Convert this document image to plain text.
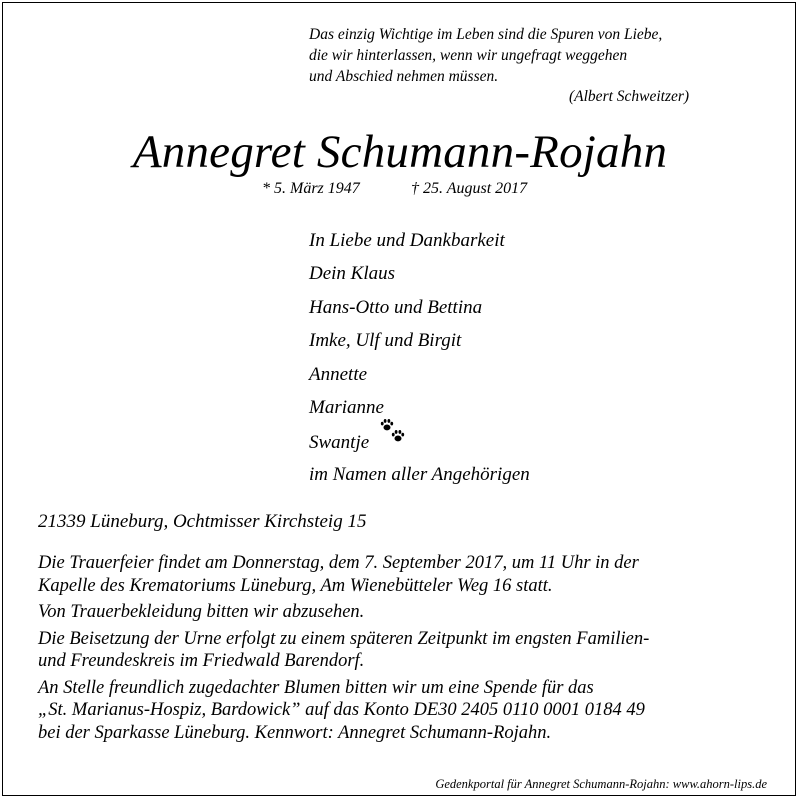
Das einzig Wichtige im Leben sind die Spuren von Liebe,
die wir hinterlassen, wenn wir ungefragt weggehen
und Abschied nehmen müssen.
(Albert Schweitzer)
Annegret Schumann-Rojahn
* 5. März 1947	† 25. August 2017
In Liebe und Dankbarkeit
Dein Klaus
Hans-Otto und Bettina
Imke, Ulf und Birgit
Annette
Marianne
Swantje
im Namen aller Angehörigen
21339 Lüneburg, Ochtmisser Kirchsteig 15
Die Trauerfeier findet am Donnerstag, dem 7. September 2017, um 11 Uhr in der
Kapelle des Krematoriums Lüneburg, Am Wienebütteler Weg 16 statt.
Von Trauerbekleidung bitten wir abzusehen.
Die Beisetzung der Urne erfolgt zu einem späteren Zeitpunkt im engsten Familien-
und Freundeskreis im Friedwald Barendorf.
An Stelle freundlich zugedachter Blumen bitten wir um eine Spende für das
„St. Marianus-Hospiz, Bardowick” auf das Konto DE30 2405 0110 0001 0184 49
bei der Sparkasse Lüneburg. Kennwort: Annegret Schumann-Rojahn.
Gedenkportal für Annegret Schumann-Rojahn: www.ahorn-lips.de
